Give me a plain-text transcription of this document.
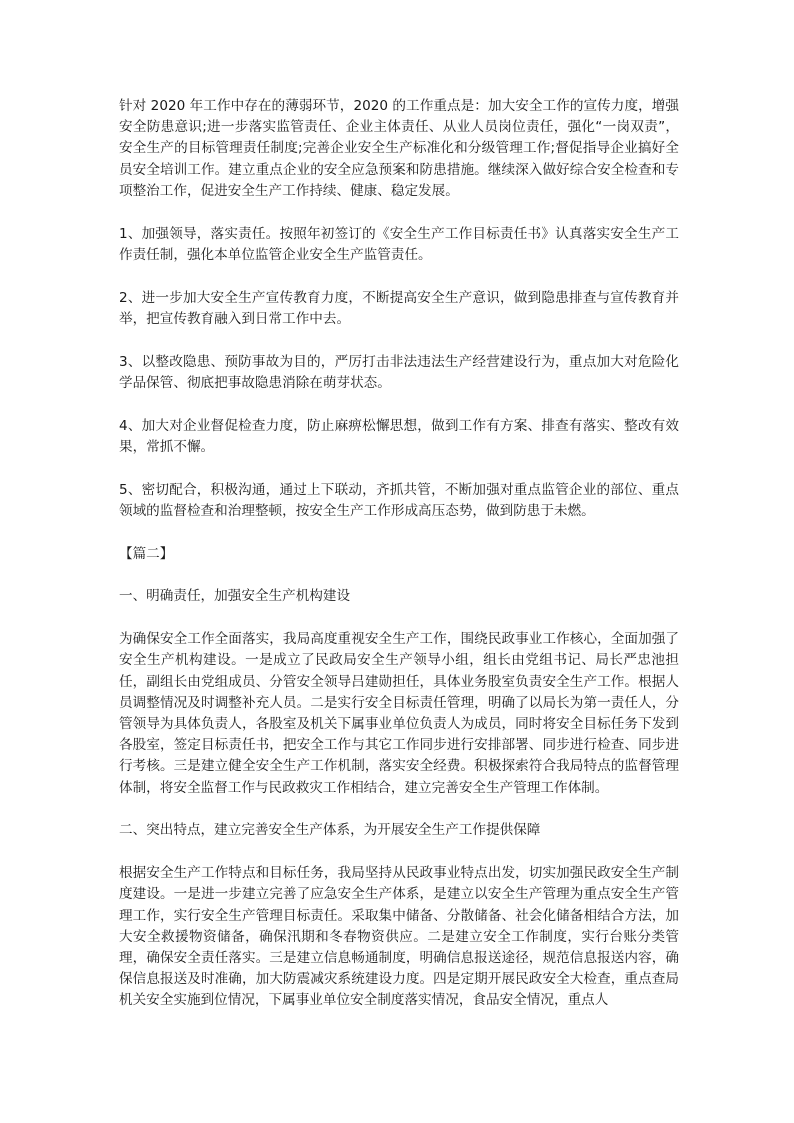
针对 2020 年工作中存在的薄弱环节，2020 的工作重点是：加大安全工作的宣传力度，增强安全防患意识;进一步落实监管责任、企业主体责任、从业人员岗位责任，强化“一岗双责”，安全生产的目标管理责任制度;完善企业安全生产标准化和分级管理工作;督促指导企业搞好全员安全培训工作。建立重点企业的安全应急预案和防患措施。继续深入做好综合安全检查和专项整治工作，促进安全生产工作持续、健康、稳定发展。

1、加强领导，落实责任。按照年初签订的《安全生产工作目标责任书》认真落实安全生产工作责任制，强化本单位监管企业安全生产监管责任。

2、进一步加大安全生产宣传教育力度，不断提高安全生产意识，做到隐患排查与宣传教育并举，把宣传教育融入到日常工作中去。

3、以整改隐患、预防事故为目的，严厉打击非法违法生产经营建设行为，重点加大对危险化学品保管、彻底把事故隐患消除在萌芽状态。

4、加大对企业督促检查力度，防止麻痹松懈思想，做到工作有方案、排查有落实、整改有效果，常抓不懈。

5、密切配合，积极沟通，通过上下联动，齐抓共管，不断加强对重点监管企业的部位、重点领域的监督检查和治理整顿，按安全生产工作形成高压态势，做到防患于未燃。

【篇二】

一、明确责任，加强安全生产机构建设

为确保安全工作全面落实，我局高度重视安全生产工作，围绕民政事业工作核心，全面加强了安全生产机构建设。一是成立了民政局安全生产领导小组，组长由党组书记、局长严忠池担任，副组长由党组成员、分管安全领导吕建勋担任，具体业务股室负责安全生产工作。根据人员调整情况及时调整补充人员。二是实行安全目标责任管理，明确了以局长为第一责任人，分管领导为具体负责人，各股室及机关下属事业单位负责人为成员，同时将安全目标任务下发到各股室，签定目标责任书，把安全工作与其它工作同步进行安排部署、同步进行检查、同步进行考核。三是建立健全安全生产工作机制，落实安全经费。积极探索符合我局特点的监督管理体制，将安全监督工作与民政救灾工作相结合，建立完善安全生产管理工作体制。

二、突出特点，建立完善安全生产体系，为开展安全生产工作提供保障

根据安全生产工作特点和目标任务，我局坚持从民政事业特点出发，切实加强民政安全生产制度建设。一是进一步建立完善了应急安全生产体系，是建立以安全生产管理为重点安全生产管理工作，实行安全生产管理目标责任。采取集中储备、分散储备、社会化储备相结合方法，加大安全救援物资储备，确保汛期和冬春物资供应。二是建立安全工作制度，实行台账分类管理，确保安全责任落实。三是建立信息畅通制度，明确信息报送途径，规范信息报送内容，确保信息报送及时准确，加大防震减灾系统建设力度。四是定期开展民政安全大检查，重点查局机关安全实施到位情况，下属事业单位安全制度落实情况，食品安全情况，重点人
